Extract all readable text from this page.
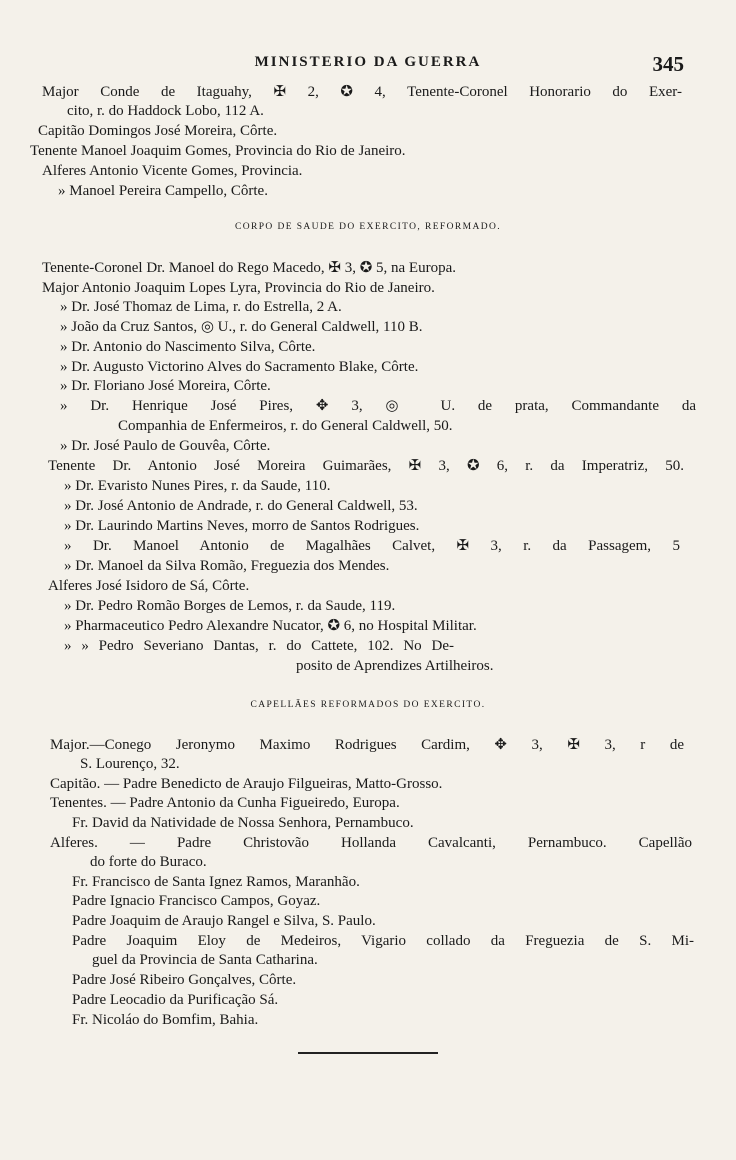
MINISTERIO DA GUERRA	345
Major Conde de Itaguahy, ✠ 2, ✪ 4, Tenente-Coronel Honorario do Exer-
cito, r. do Haddock Lobo, 112 A.
Capitão Domingos José Moreira, Côrte.
Tenente Manoel Joaquim Gomes, Provincia do Rio de Janeiro.
Alferes Antonio Vicente Gomes, Provincia.
» Manoel Pereira Campello, Côrte.
CORPO DE SAUDE DO EXERCITO, REFORMADO.
Tenente-Coronel Dr. Manoel do Rego Macedo, ✠ 3, ✪ 5, na Europa.
Major Antonio Joaquim Lopes Lyra, Provincia do Rio de Janeiro.
» Dr. José Thomaz de Lima, r. do Estrella, 2 A.
» João da Cruz Santos, ◎ U., r. do General Caldwell, 110 B.
» Dr. Antonio do Nascimento Silva, Côrte.
» Dr. Augusto Victorino Alves do Sacramento Blake, Côrte.
» Dr. Floriano José Moreira, Côrte.
» Dr. Henrique José Pires, ✥ 3, ◎ U. de prata, Commandante da
Companhia de Enfermeiros, r. do General Caldwell, 50.
» Dr. José Paulo de Gouvêa, Côrte.
Tenente Dr. Antonio José Moreira Guimarães, ✠ 3, ✪ 6, r. da Imperatriz, 50.
» Dr. Evaristo Nunes Pires, r. da Saude, 110.
» Dr. José Antonio de Andrade, r. do General Caldwell, 53.
» Dr. Laurindo Martins Neves, morro de Santos Rodrigues.
» Dr. Manoel Antonio de Magalhães Calvet, ✠ 3, r. da Passagem, 5
» Dr. Manoel da Silva Romão, Freguezia dos Mendes.
Alferes José Isidoro de Sá, Côrte.
» Dr. Pedro Romão Borges de Lemos, r. da Saude, 119.
» Pharmaceutico Pedro Alexandre Nucator, ✪ 6, no Hospital Militar.
» » Pedro Severiano Dantas, r. do Cattete, 102. No De-
posito de Aprendizes Artilheiros.
CAPELLÃES REFORMADOS DO EXERCITO.
Major.—Conego Jeronymo Maximo Rodrigues Cardim, ✥ 3, ✠ 3, r de
S. Lourenço, 32.
Capitão. — Padre Benedicto de Araujo Filgueiras, Matto-Grosso.
Tenentes. — Padre Antonio da Cunha Figueiredo, Europa.
Fr. David da Natividade de Nossa Senhora, Pernambuco.
Alferes. — Padre Christovão Hollanda Cavalcanti, Pernambuco. Capellão
do forte do Buraco.
Fr. Francisco de Santa Ignez Ramos, Maranhão.
Padre Ignacio Francisco Campos, Goyaz.
Padre Joaquim de Araujo Rangel e Silva, S. Paulo.
Padre Joaquim Eloy de Medeiros, Vigario collado da Freguezia de S. Mi-
guel da Provincia de Santa Catharina.
Padre José Ribeiro Gonçalves, Côrte.
Padre Leocadio da Purificação Sá.
Fr. Nicoláo do Bomfim, Bahia.
